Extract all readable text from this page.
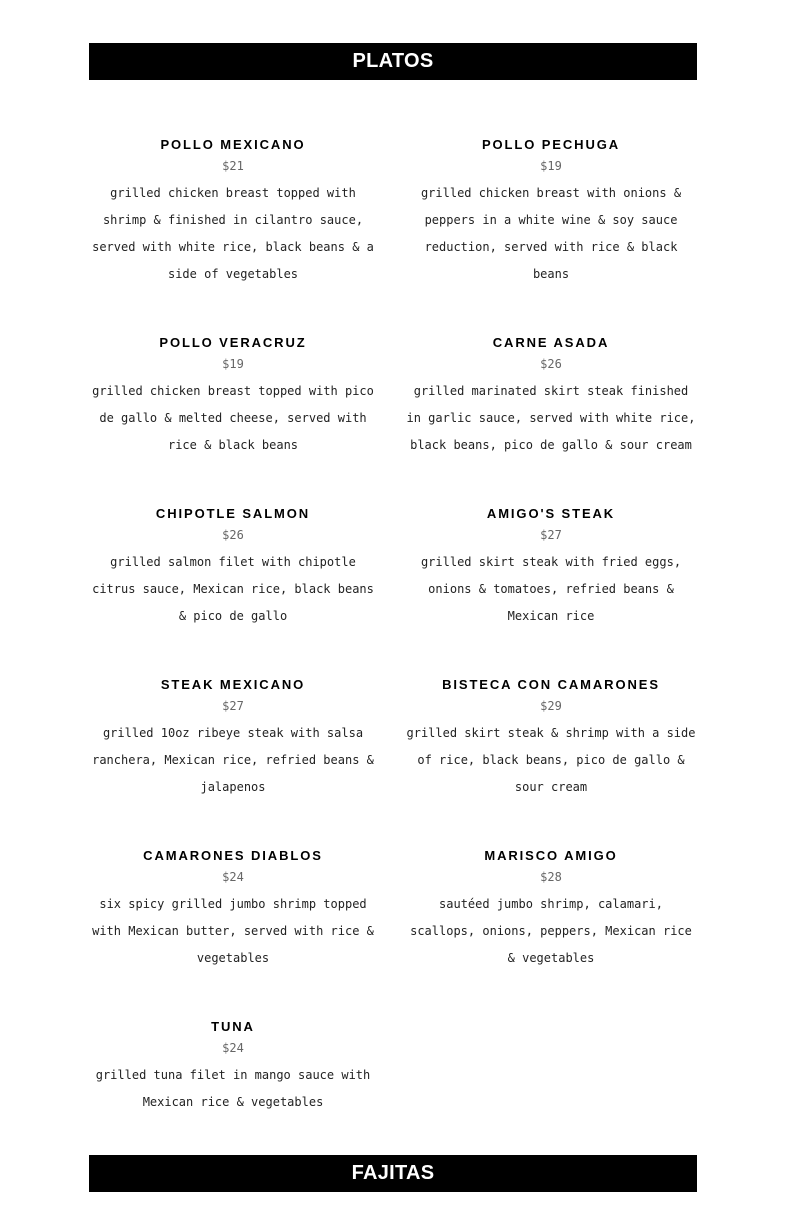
PLATOS
POLLO MEXICANO
$21
grilled chicken breast topped with shrimp & finished in cilantro sauce, served with white rice, black beans & a side of vegetables
POLLO PECHUGA
$19
grilled chicken breast with onions & peppers in a white wine & soy sauce reduction, served with rice & black beans
POLLO VERACRUZ
$19
grilled chicken breast topped with pico de gallo & melted cheese, served with rice & black beans
CARNE ASADA
$26
grilled marinated skirt steak finished in garlic sauce, served with white rice, black beans, pico de gallo & sour cream
CHIPOTLE SALMON
$26
grilled salmon filet with chipotle citrus sauce, Mexican rice, black beans & pico de gallo
AMIGO'S STEAK
$27
grilled skirt steak with fried eggs, onions & tomatoes, refried beans & Mexican rice
STEAK MEXICANO
$27
grilled 10oz ribeye steak with salsa ranchera, Mexican rice, refried beans & jalapenos
BISTECA CON CAMARONES
$29
grilled skirt steak & shrimp with a side of rice, black beans, pico de gallo & sour cream
CAMARONES DIABLOS
$24
six spicy grilled jumbo shrimp topped with Mexican butter, served with rice & vegetables
MARISCO AMIGO
$28
sautéed jumbo shrimp, calamari, scallops, onions, peppers, Mexican rice & vegetables
TUNA
$24
grilled tuna filet in mango sauce with Mexican rice & vegetables
FAJITAS
